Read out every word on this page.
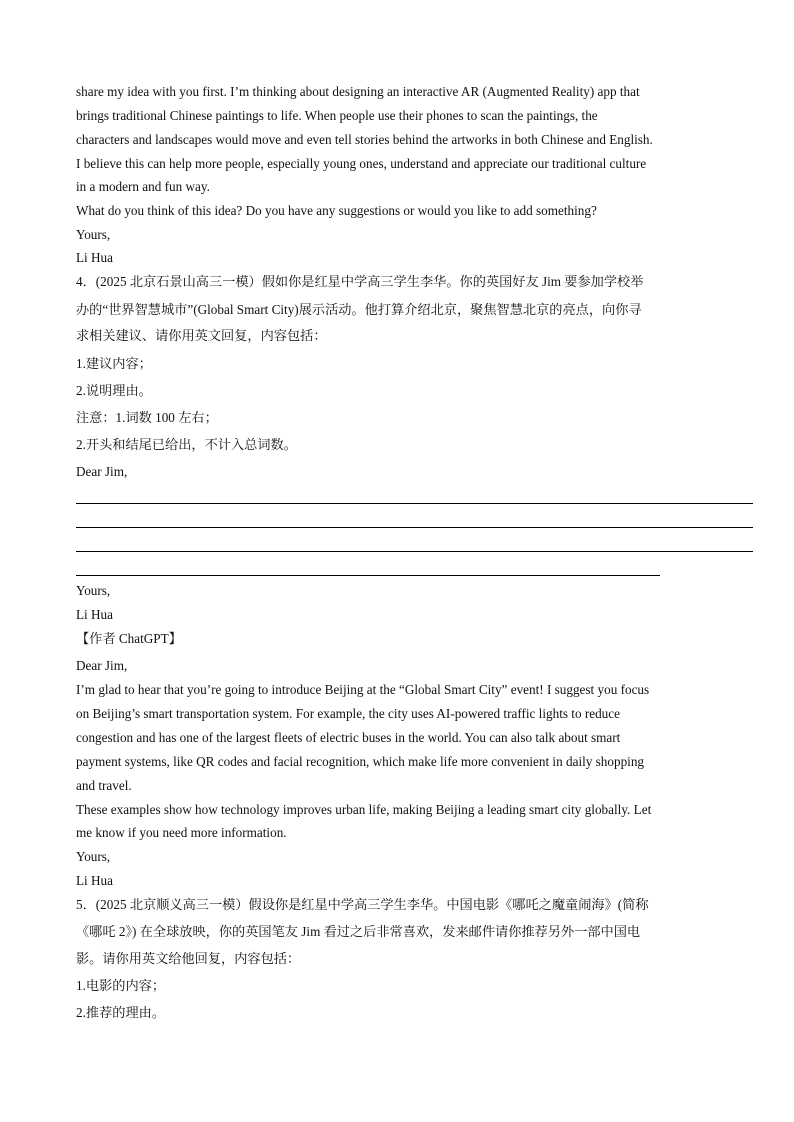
share my idea with you first. I’m thinking about designing an interactive AR (Augmented Reality) app that
brings traditional Chinese paintings to life. When people use their phones to scan the paintings, the
characters and landscapes would move and even tell stories behind the artworks in both Chinese and English.
I believe this can help more people, especially young ones, understand and appreciate our traditional culture
in a modern and fun way.
What do you think of this idea? Do you have any suggestions or would you like to add something?
Yours,
Li Hua
4．(2025 北京石景山高三一模）假如你是红星中学高三学生李华。你的英国好友 Jim 要参加学校举
办的“世界智慧城市”(Global Smart City)展示活动。他打算介绍北京，聚焦智慧北京的亮点，向你寻
求相关建议、请你用英文回复，内容包括：
1.建议内容；
2.说明理由。
注意：1.词数 100 左右；
2.开头和结尾已给出，不计入总词数。
Dear Jim,
Yours,
Li Hua
【作者 ChatGPT】
Dear Jim,
I’m glad to hear that you’re going to introduce Beijing at the “Global Smart City” event! I suggest you focus
on Beijing’s smart transportation system. For example, the city uses AI-powered traffic lights to reduce
congestion and has one of the largest fleets of electric buses in the world. You can also talk about smart
payment systems, like QR codes and facial recognition, which make life more convenient in daily shopping
and travel.
These examples show how technology improves urban life, making Beijing a leading smart city globally. Let
me know if you need more information.
Yours,
Li Hua
5．(2025 北京顺义高三一模）假设你是红星中学高三学生李华。中国电影《哪吒之魔童闹海》(简称
《哪吒 2》) 在全球放映，你的英国笔友 Jim 看过之后非常喜欢，发来邮件请你推荐另外一部中国电
影。请你用英文给他回复，内容包括：
1.电影的内容；
2.推荐的理由。
